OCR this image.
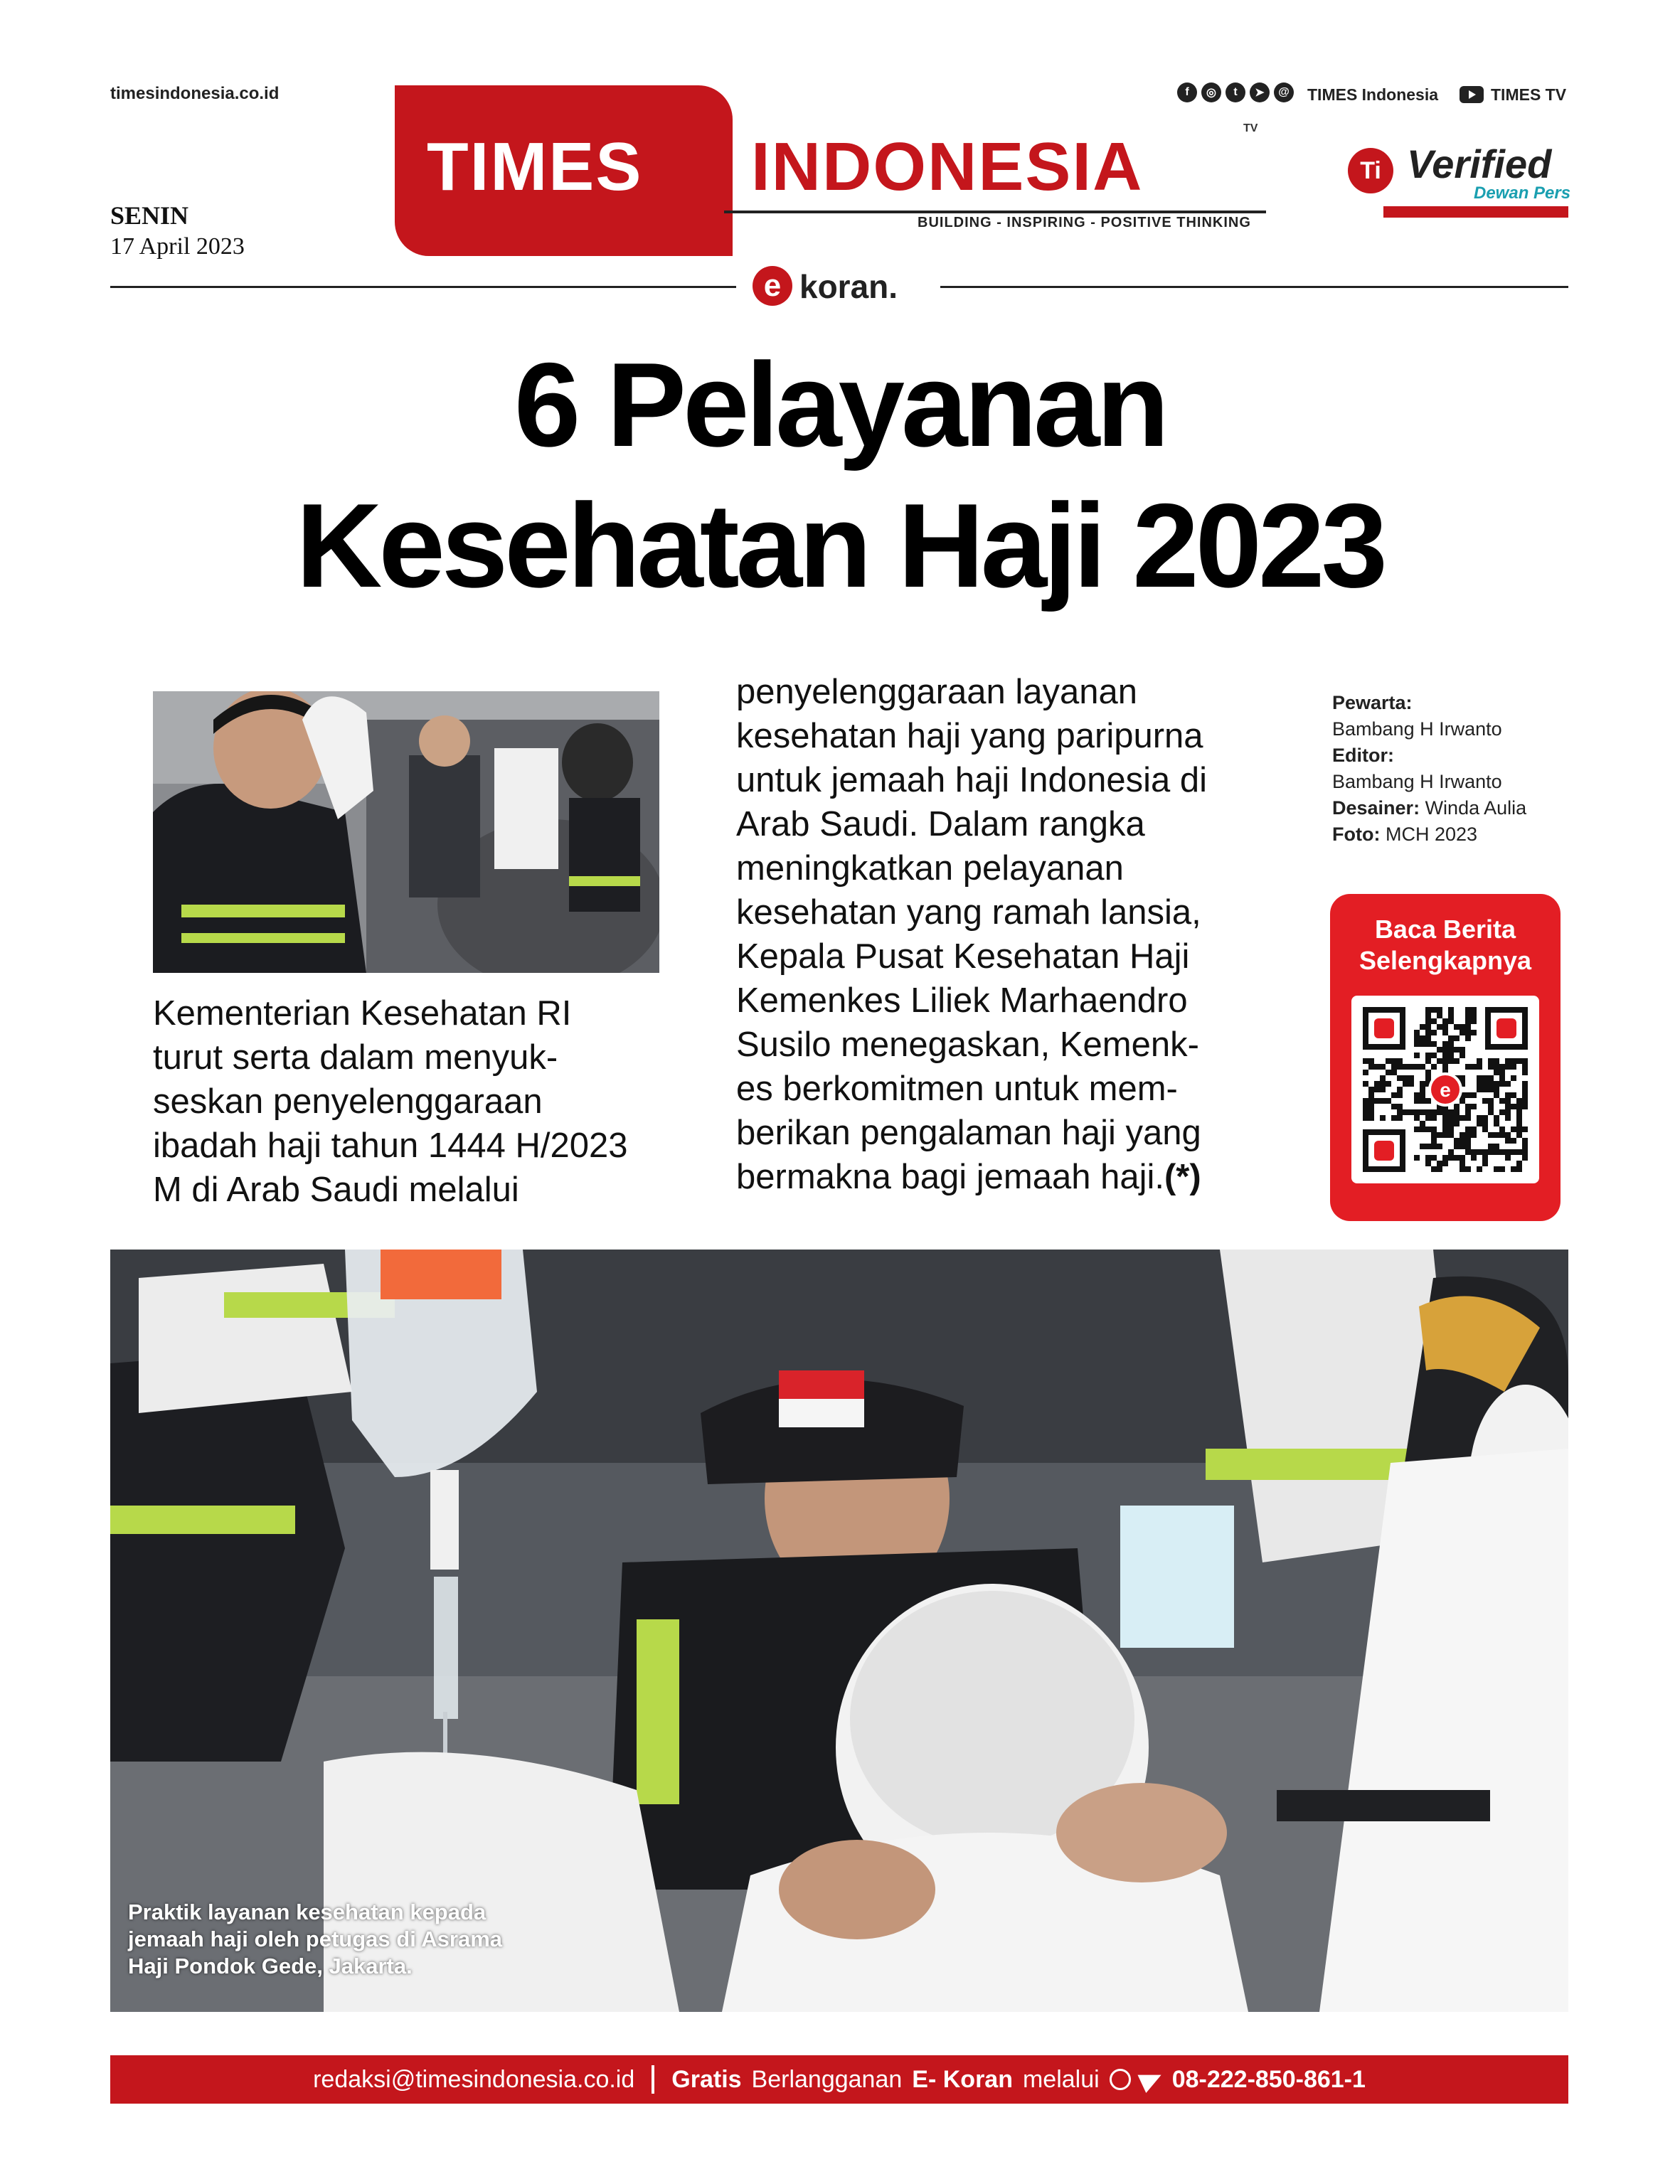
timesindonesia.co.id
SENIN
17 April 2023
TIMES INDONESIA
TV
BUILDING - INSPIRING - POSITIVE THINKING
f	◎	t	➤	@ TIMES Indonesia	TIMES TV
Ti Verified
Dewan Pers
e koran.
6 Pelayanan
Kesehatan Haji 2023
Kementerian Kesehatan RI
turut serta dalam menyuk-
seskan penyelenggaraan
ibadah haji tahun 1444 H/2023
M di Arab Saudi melalui
penyelenggaraan layanan
kesehatan haji yang paripurna
untuk jemaah haji Indonesia di
Arab Saudi. Dalam rangka
meningkatkan pelayanan
kesehatan yang ramah lansia,
Kepala Pusat Kesehatan Haji
Kemenkes Liliek Marhaendro
Susilo menegaskan, Kemenk-
es berkomitmen untuk mem-
berikan pengalaman haji yang
bermakna bagi jemaah haji.(*)
Pewarta:
Bambang H Irwanto
Editor:
Bambang H Irwanto
Desainer: Winda Aulia
Foto: MCH 2023
Baca Berita
Selengkapnya
e
Praktik layanan kesehatan kepada
jemaah haji oleh petugas di Asrama
Haji Pondok Gede, Jakarta.
redaksi@timesindonesia.co.id Gratis Berlangganan E- Koran melalui	08-222-850-861-1
